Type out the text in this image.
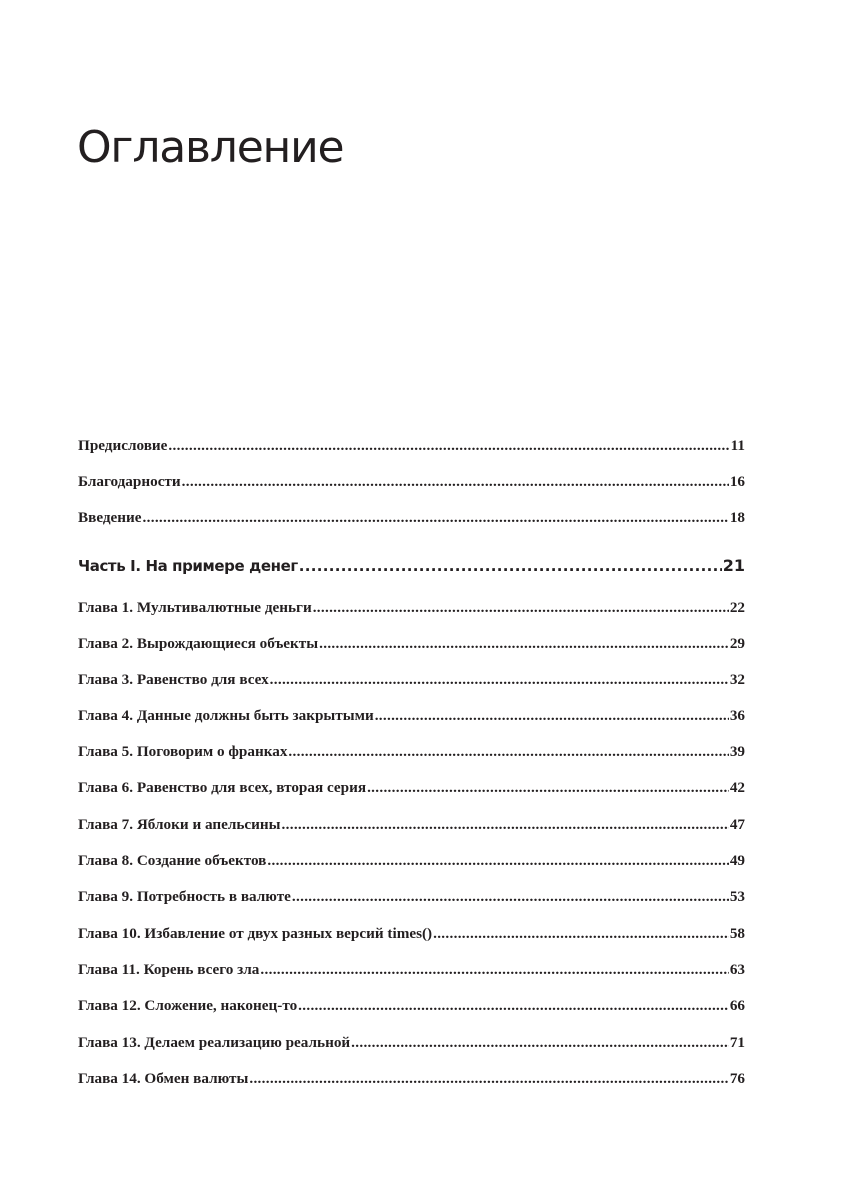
Оглавление
Предисловие .....	11
Благодарности .....	16
Введение .....	18
Часть I. На примере денег .....	21
Глава 1. Мультивалютные деньги .....	22
Глава 2. Вырождающиеся объекты .....	29
Глава 3. Равенство для всех .....	32
Глава 4. Данные должны быть закрытыми .....	36
Глава 5. Поговорим о франках .....	39
Глава 6. Равенство для всех, вторая серия .....	42
Глава 7. Яблоки и апельсины .....	47
Глава 8. Создание объектов .....	49
Глава 9. Потребность в валюте .....	53
Глава 10. Избавление от двух разных версий times() .....	58
Глава 11. Корень всего зла .....	63
Глава 12. Сложение, наконец-то .....	66
Глава 13. Делаем реализацию реальной .....	71
Глава 14. Обмен валюты .....	76
